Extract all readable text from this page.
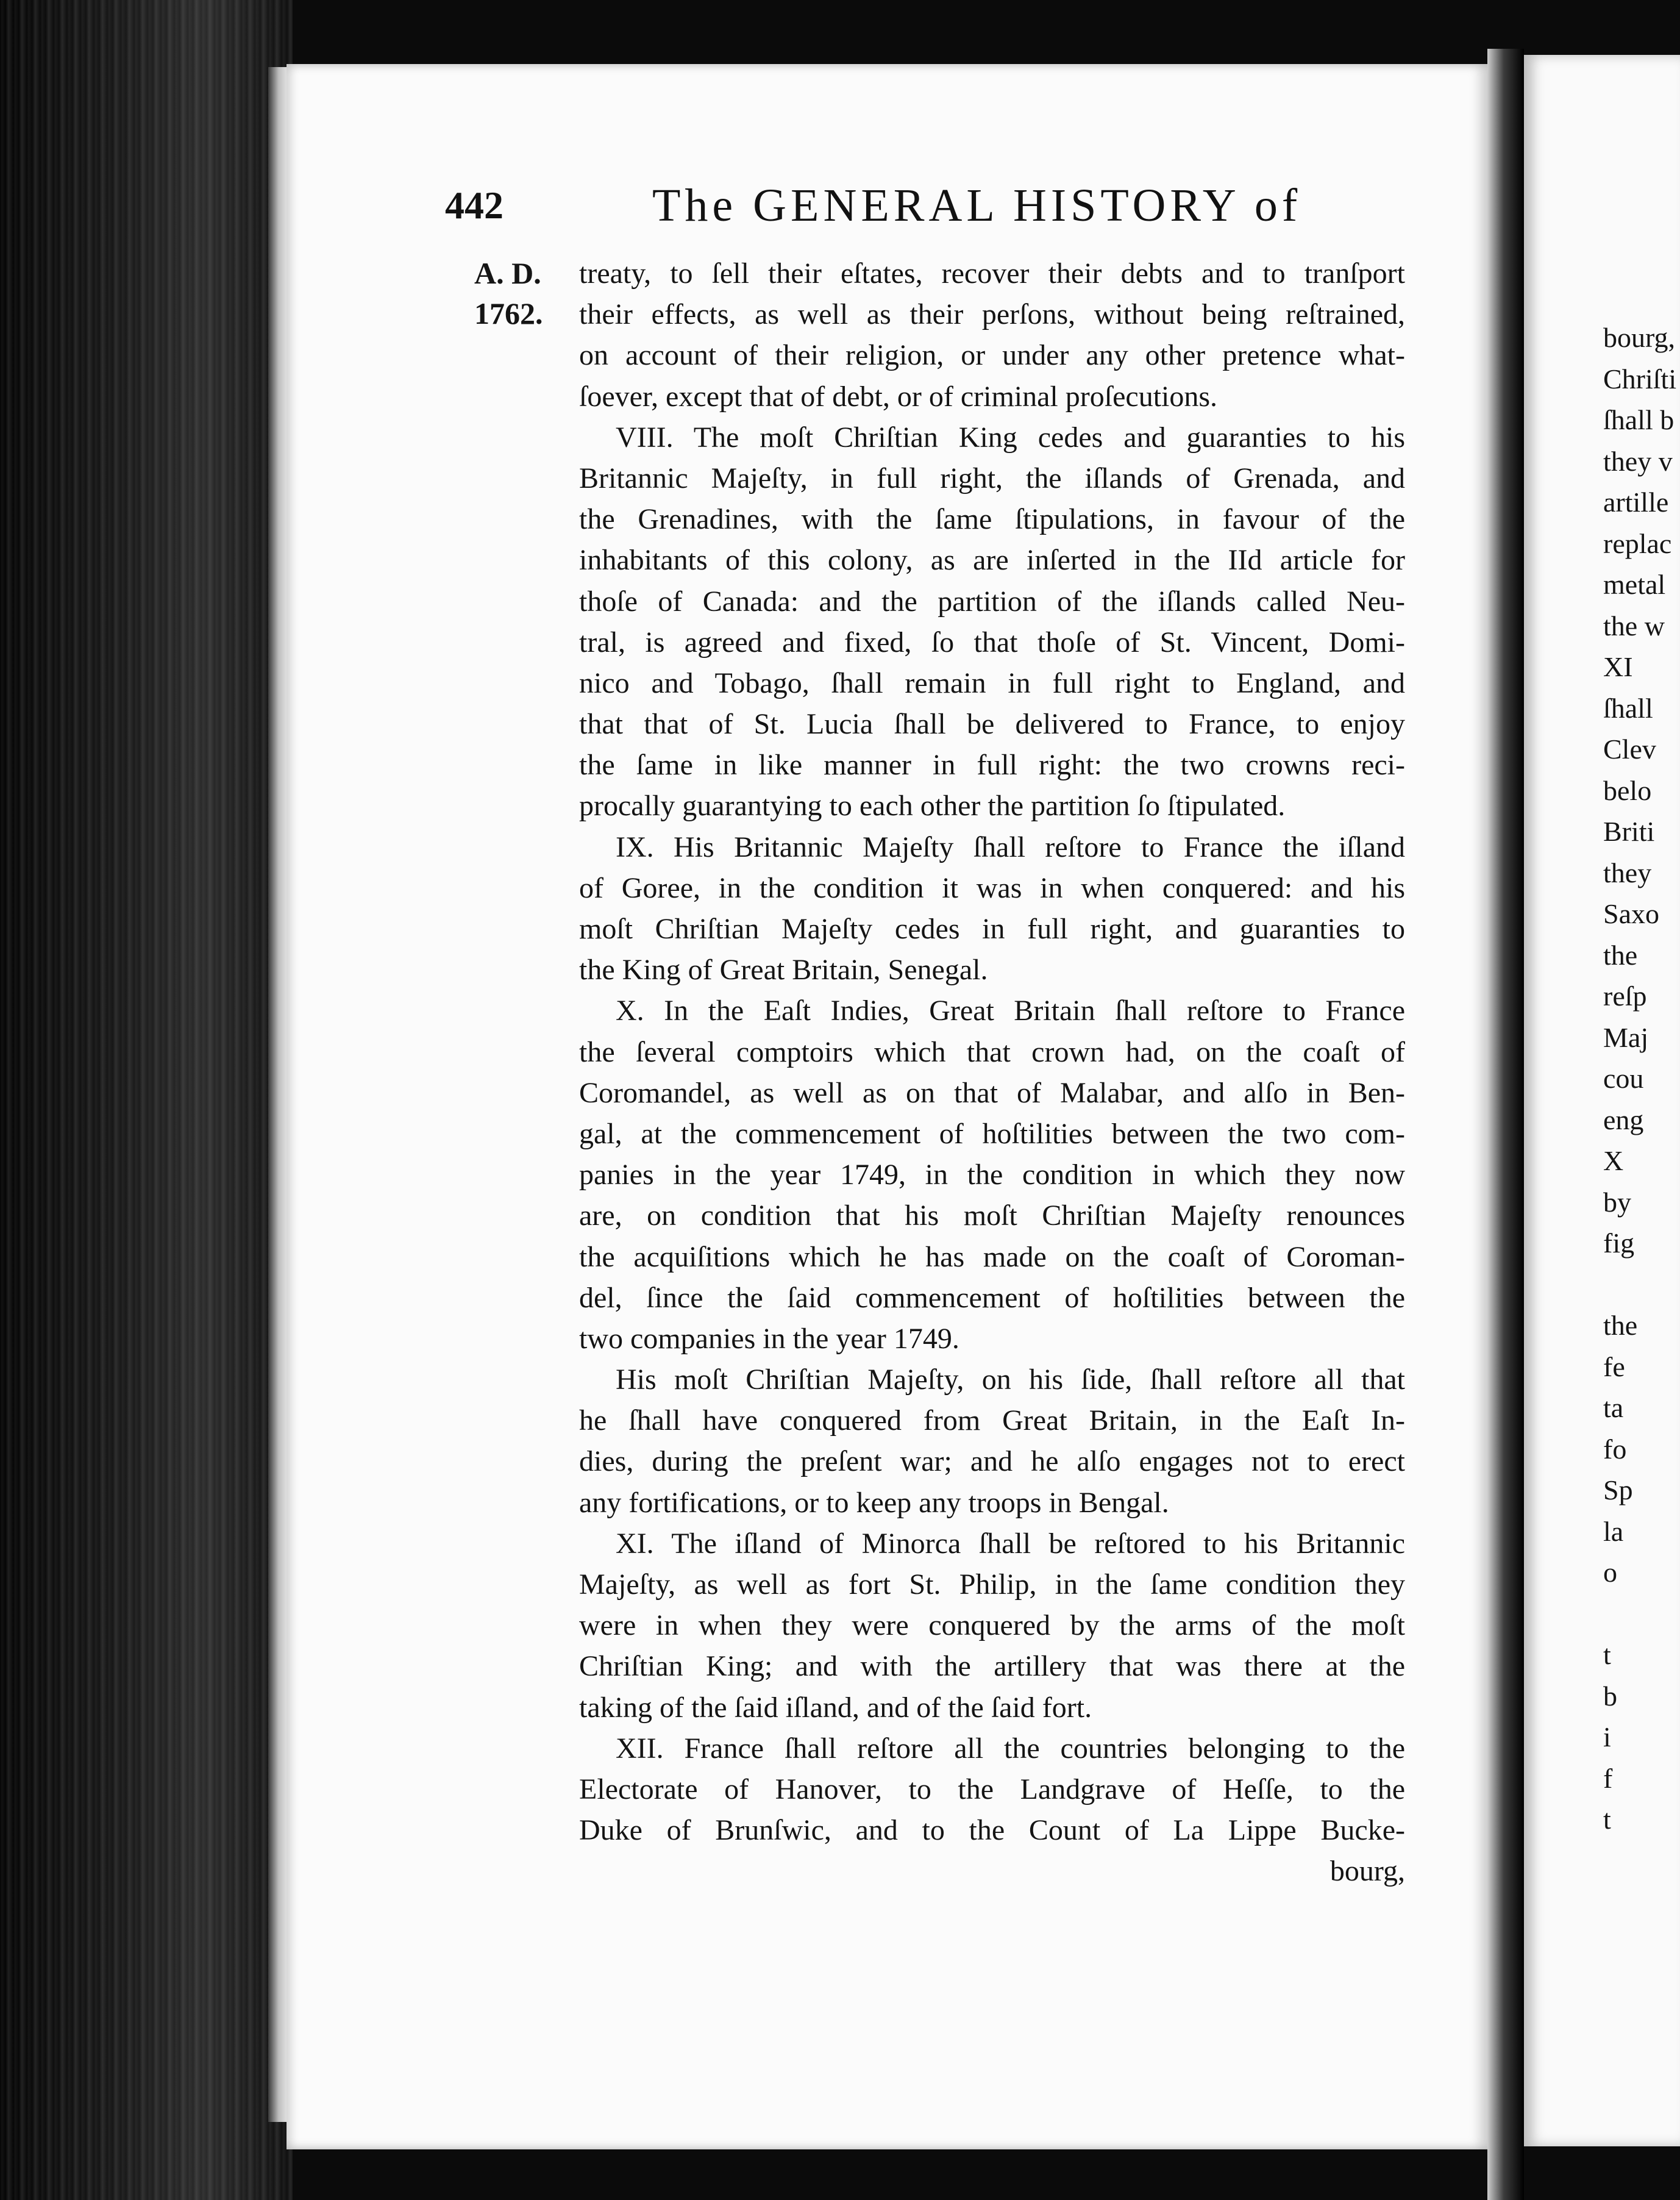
442	The GENERAL HISTORY of
A. D.
1762.
treaty, to ſell their eſtates, recover their debts and to tranſport
their effects, as well as their perſons, without being reſtrained,
on account of their religion, or under any other pretence what-
ſoever, except that of debt, or of criminal proſecutions.
VIII. The moſt Chriſtian King cedes and guaranties to his
Britannic Majeſty, in full right, the iſlands of Grenada, and
the Grenadines, with the ſame ſtipulations, in favour of the
inhabitants of this colony, as are inſerted in the IId article for
thoſe of Canada: and the partition of the iſlands called Neu-
tral, is agreed and fixed, ſo that thoſe of St. Vincent, Domi-
nico and Tobago, ſhall remain in full right to England, and
that that of St. Lucia ſhall be delivered to France, to enjoy
the ſame in like manner in full right: the two crowns reci-
procally guarantying to each other the partition ſo ſtipulated.
IX. His Britannic Majeſty ſhall reſtore to France the iſland
of Goree, in the condition it was in when conquered: and his
moſt Chriſtian Majeſty cedes in full right, and guaranties to
the King of Great Britain, Senegal.
X. In the Eaſt Indies, Great Britain ſhall reſtore to France
the ſeveral comptoirs which that crown had, on the coaſt of
Coromandel, as well as on that of Malabar, and alſo in Ben-
gal, at the commencement of hoſtilities between the two com-
panies in the year 1749, in the condition in which they now
are, on condition that his moſt Chriſtian Majeſty renounces
the acquiſitions which he has made on the coaſt of Coroman-
del, ſince the ſaid commencement of hoſtilities between the
two companies in the year 1749.
His moſt Chriſtian Majeſty, on his ſide, ſhall reſtore all that
he ſhall have conquered from Great Britain, in the Eaſt In-
dies, during the preſent war; and he alſo engages not to erect
any fortifications, or to keep any troops in Bengal.
XI. The iſland of Minorca ſhall be reſtored to his Britannic
Majeſty, as well as fort St. Philip, in the ſame condition they
were in when they were conquered by the arms of the moſt
Chriſtian King; and with the artillery that was there at the
taking of the ſaid iſland, and of the ſaid fort.
XII. France ſhall reſtore all the countries belonging to the
Electorate of Hanover, to the Landgrave of Heſſe, to the
Duke of Brunſwic, and to the Count of La Lippe Bucke-
bourg,
bourg,
Chriſti
ſhall b
they v
artille
replac
metal
the w
XI
ſhall
Clev
belo
Briti
they
Saxo
the
reſp
Maj
cou
eng
X
by
fig
the
fe
ta
fo
Sp
la
o
t
b
i
f
t
